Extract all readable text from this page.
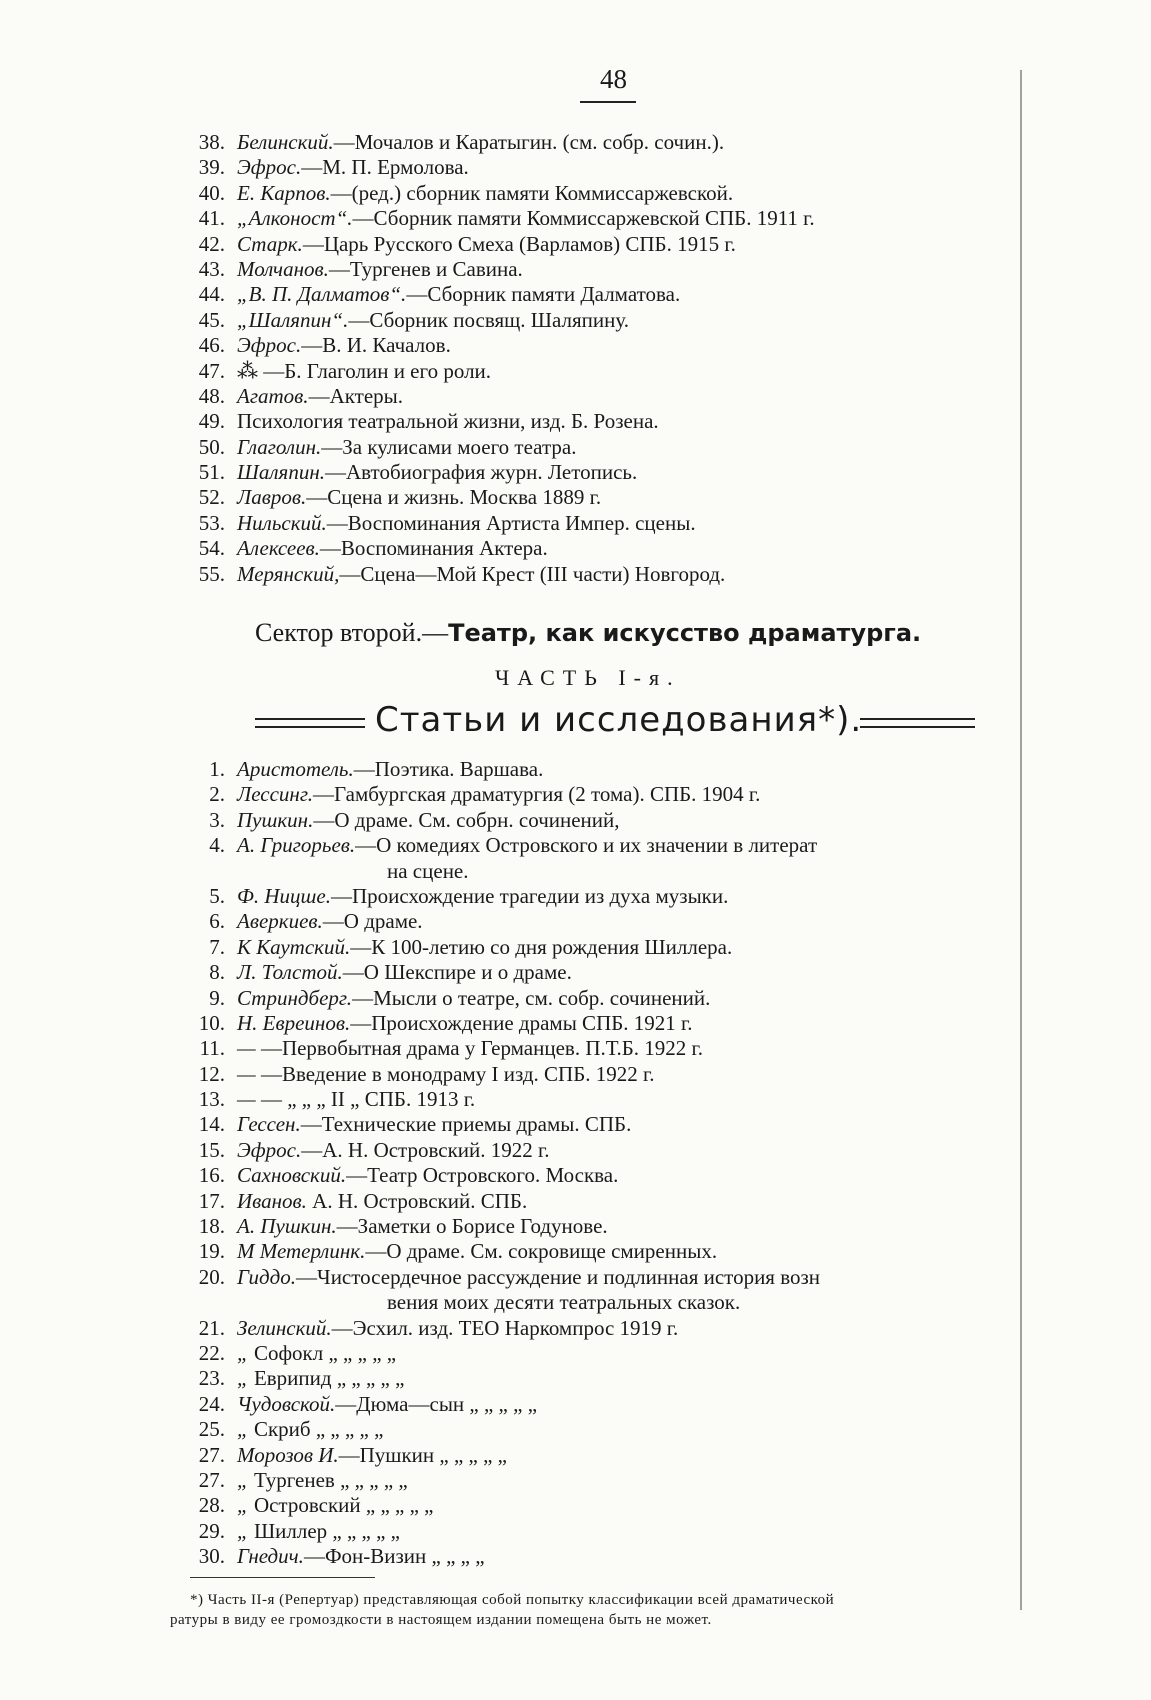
48
38. Белинский.—Мочалов и Каратыгин. (см. собр. сочин.).
39. Эфрос.—М. П. Ермолова.
40. Е. Карпов.—(ред.) сборник памяти Коммиссаржевской.
41. „Алконост“.—Сборник памяти Коммиссаржевской СПБ. 1911 г.
42. Старк.—Царь Русского Смеха (Варламов) СПБ. 1915 г.
43. Молчанов.—Тургенев и Савина.
44. „В. П. Далматов“.—Сборник памяти Далматова.
45. „Шаляпин“.—Сборник посвящ. Шаляпину.
46. Эфрос.—В. И. Качалов.
47. ⁂ —Б. Глаголин и его роли.
48. Агатов.—Актеры.
49. Психология театральной жизни, изд. Б. Розена.
50. Глаголин.—За кулисами моего театра.
51. Шаляпин.—Автобиография журн. Летопись.
52. Лавров.—Сцена и жизнь. Москва 1889 г.
53. Нильский.—Воспоминания Артиста Импер. сцены.
54. Алексеев.—Воспоминания Актера.
55. Мерянский,—Сцена—Мой Крест (III части) Новгород.
Сектор второй.—Театр, как искусство драматурга.
ЧАСТЬ І-я.
Статьи и исследования*).
1. Аристотель.—Поэтика. Варшава.
2. Лессинг.—Гамбургская драматургия (2 тома). СПБ. 1904 г.
3. Пушкин.—О драме. См. собрн. сочинений,
4. А. Григорьев.—О комедиях Островского и их значении в литерат
на сцене.
5. Ф. Ницше.—Происхождение трагедии из духа музыки.
6. Аверкиев.—О драме.
7. К Каутский.—К 100-летию со дня рождения Шиллера.
8. Л. Толстой.—О Шекспире и о драме.
9. Стриндберг.—Мысли о театре, см. собр. сочинений.
10. Н. Евреинов.—Происхождение драмы СПБ. 1921 г.
11. — —Первобытная драма у Германцев. П.Т.Б. 1922 г.
12. — —Введение в монодраму I изд. СПБ. 1922 г.
13. — — „ „ „ II „ СПБ. 1913 г.
14. Гессен.—Технические приемы драмы. СПБ.
15. Эфрос.—А. Н. Островский. 1922 г.
16. Сахновский.—Театр Островского. Москва.
17. Иванов. А. Н. Островский. СПБ.
18. А. Пушкин.—Заметки о Борисе Годунове.
19. М Метерлинк.—О драме. См. сокровище смиренных.
20. Гиддо.—Чистосердечное рассуждение и подлинная история возн
вения моих десяти театральных сказок.
21. Зелинский.—Эсхил. изд. ТЕО Наркомпрос 1919 г.
22. „ Софокл „ „ „ „ „
23. „ Еврипид „ „ „ „ „
24. Чудовской.—Дюма—сын „ „ „ „ „
25. „ Скриб „ „ „ „ „
27. Морозов И.—Пушкин „ „ „ „ „
27. „ Тургенев „ „ „ „ „
28. „ Островский „ „ „ „ „
29. „ Шиллер „ „ „ „ „
30. Гнедич.—Фон-Визин „ „ „ „
*) Часть II-я (Репертуар) представляющая собой попытку классификации всей драматической
ратуры в виду ее громоздкости в настоящем издании помещена быть не может.
